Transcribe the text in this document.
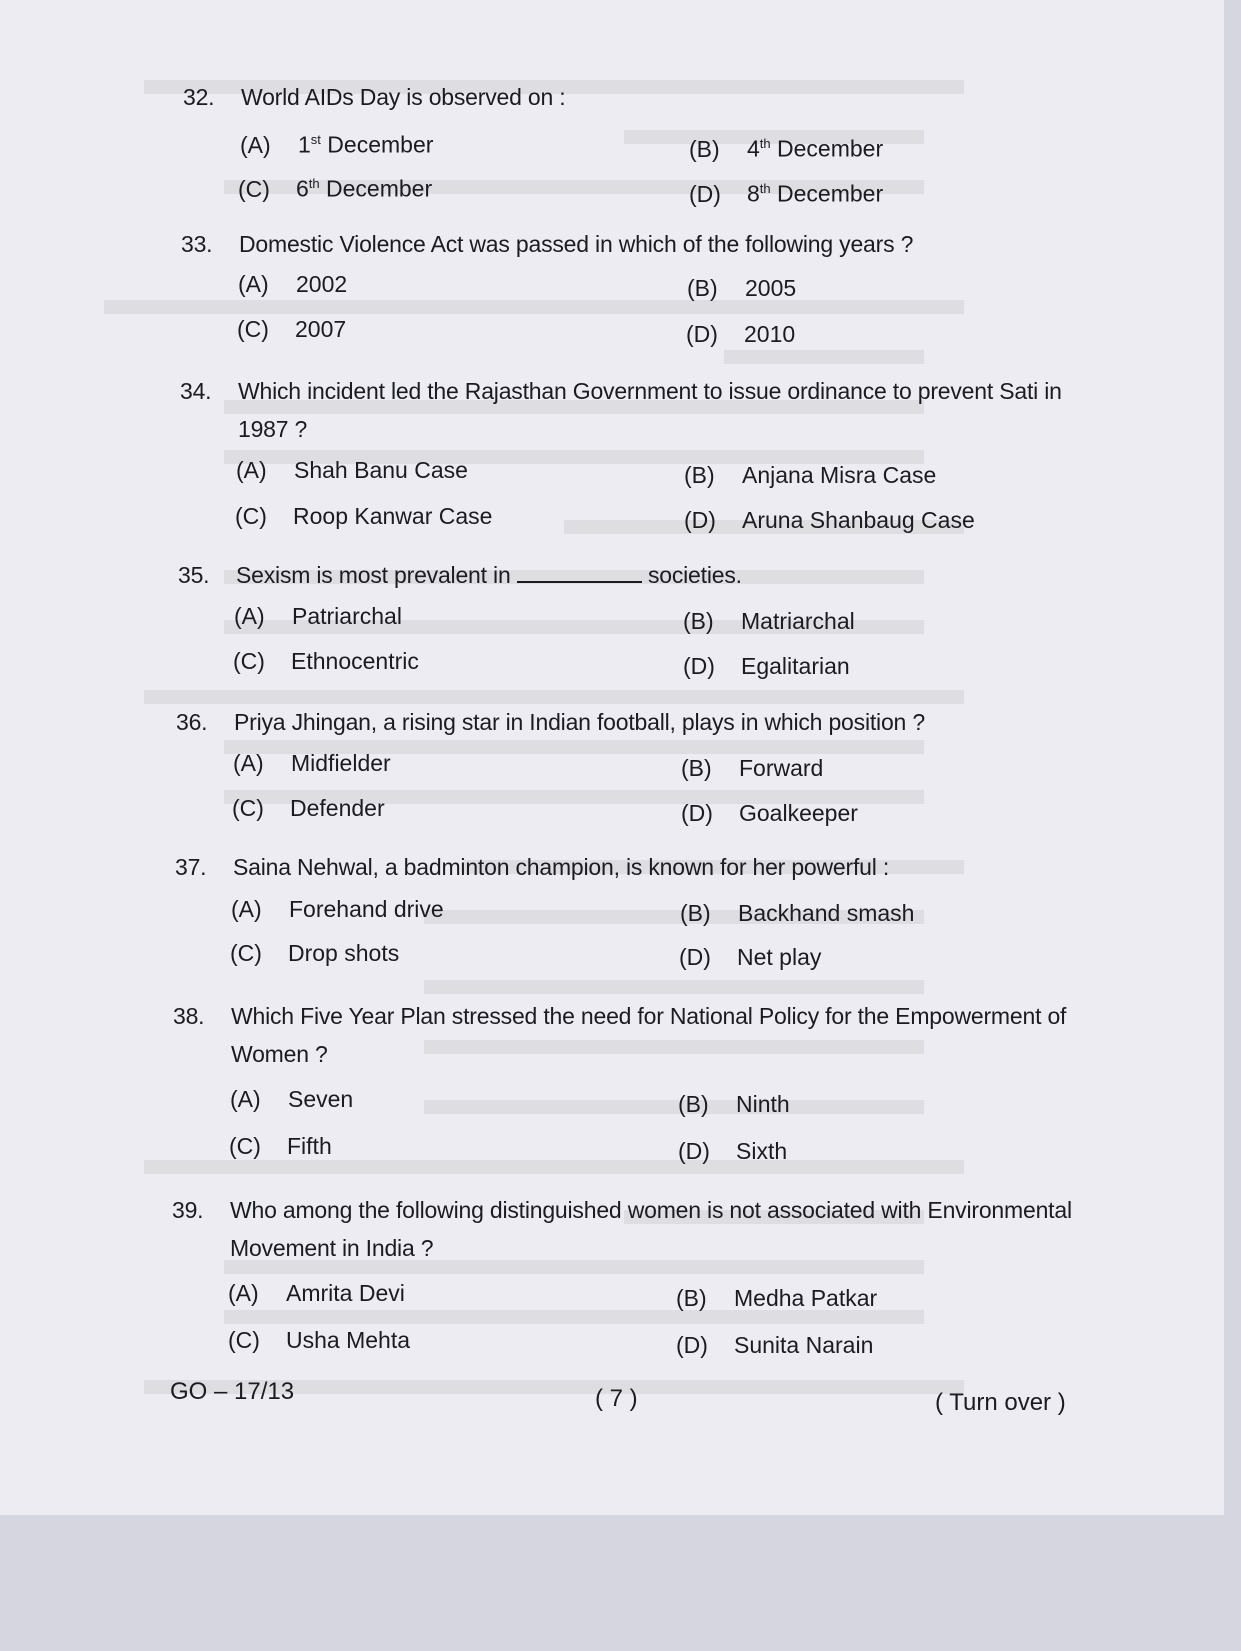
32.	World AIDs Day is observed on :
(A) 1st December	(B) 4th December
(C) 6th December	(D) 8th December
33.	Domestic Violence Act was passed in which of the following years ?
(A) 2002	(B) 2005
(C) 2007	(D) 2010
34.	Which incident led the Rajasthan Government to issue ordinance to prevent Sati in 1987 ?
(A) Shah Banu Case	(B) Anjana Misra Case
(C) Roop Kanwar Case	(D) Aruna Shanbaug Case
35.	Sexism is most prevalent in	societies.
(A) Patriarchal	(B) Matriarchal
(C) Ethnocentric	(D) Egalitarian
36.	Priya Jhingan, a rising star in Indian football, plays in which position ?
(A) Midfielder	(B) Forward
(C) Defender	(D) Goalkeeper
37.	Saina Nehwal, a badminton champion, is known for her powerful :
(A) Forehand drive	(B) Backhand smash
(C) Drop shots	(D) Net play
38.	Which Five Year Plan stressed the need for National Policy for the Empowerment of Women ?
(A) Seven	(B) Ninth
(C) Fifth	(D) Sixth
39.	Who among the following distinguished women is not associated with Environmental Movement in India ?
(A) Amrita Devi	(B) Medha Patkar
(C) Usha Mehta	(D) Sunita Narain
GO – 17/13	( 7 )	( Turn over )
